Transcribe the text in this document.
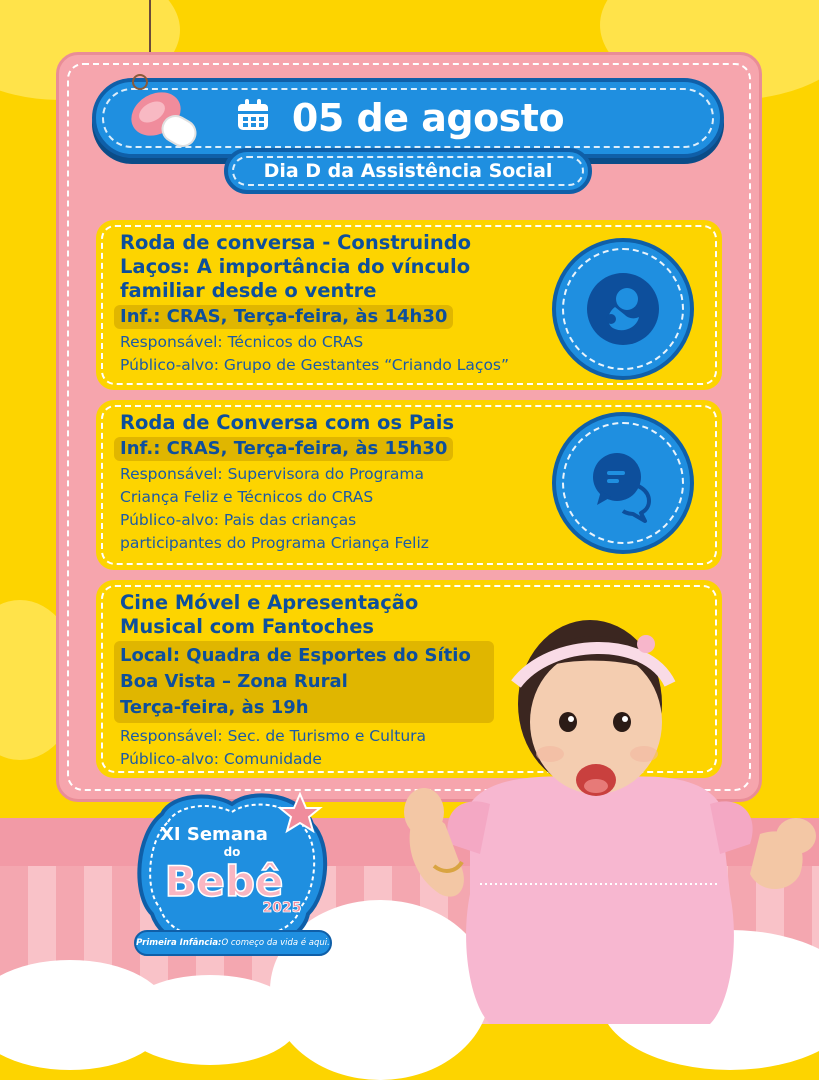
05 de agosto
Dia D da Assistência Social
Roda de conversa - Construindo
Laços: A importância do vínculo
familiar desde o ventre
Inf.: CRAS, Terça-feira, às 14h30
Responsável: Técnicos do CRAS
Público-alvo: Grupo de Gestantes “Criando Laços”
Roda de Conversa com os Pais
Inf.: CRAS, Terça-feira, às 15h30
Responsável: Supervisora do Programa
Criança Feliz e Técnicos do CRAS
Público-alvo: Pais das crianças
participantes do Programa Criança Feliz
Cine Móvel e Apresentação
Musical com Fantoches
Local: Quadra de Esportes do Sítio
Boa Vista – Zona Rural
Terça-feira, às 19h
Responsável: Sec. de Turismo e Cultura
Público-alvo: Comunidade
XI Semana
do
Bebê
2025
Primeira Infância: O começo da vida é aqui.
